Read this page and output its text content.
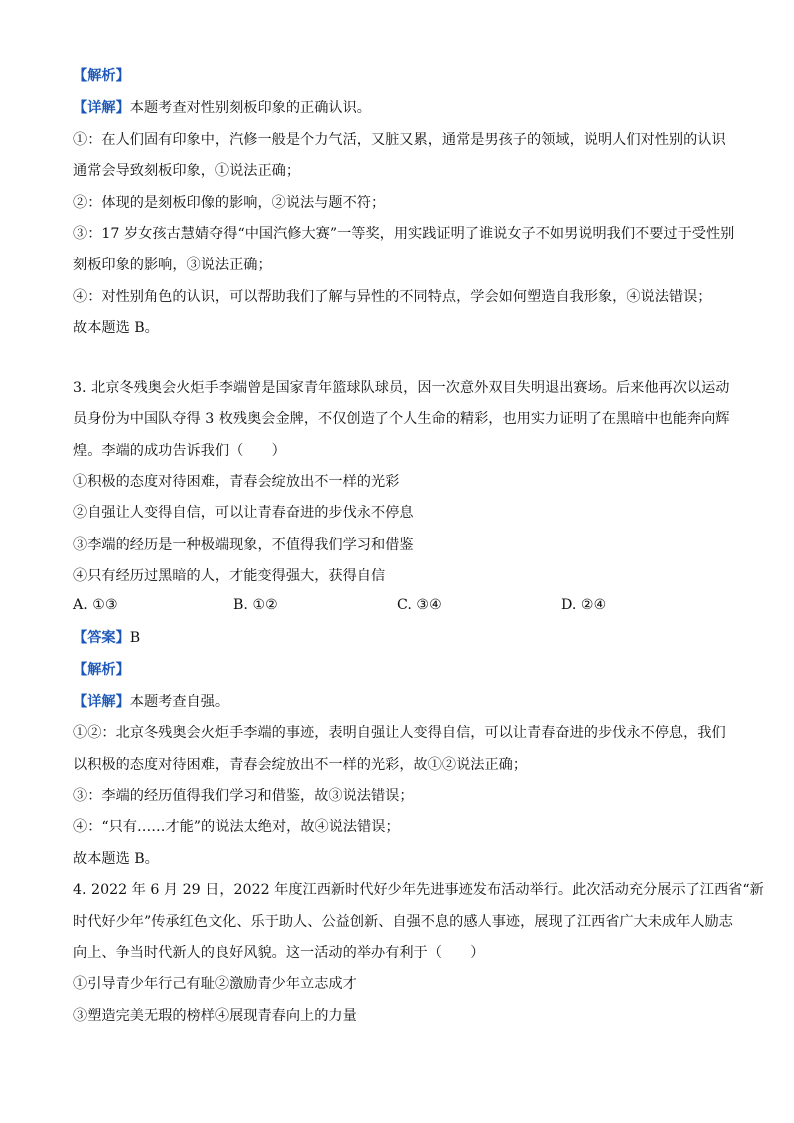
【解析】
【详解】本题考查对性别刻板印象的正确认识。
①：在人们固有印象中，汽修一般是个力气活，又脏又累，通常是男孩子的领域，说明人们对性别的认识
通常会导致刻板印象，①说法正确；
②：体现的是刻板印像的影响，②说法与题不符；
③：17 岁女孩古慧婧夺得“中国汽修大赛”一等奖，用实践证明了谁说女子不如男说明我们不要过于受性别
刻板印象的影响，③说法正确；
④：对性别角色的认识，可以帮助我们了解与异性的不同特点，学会如何塑造自我形象，④说法错误；
故本题选 B。
3. 北京冬残奥会火炬手李端曾是国家青年篮球队球员，因一次意外双目失明退出赛场。后来他再次以运动
员身份为中国队夺得 3 枚残奥会金牌，不仅创造了个人生命的精彩，也用实力证明了在黑暗中也能奔向辉
煌。李端的成功告诉我们（　　）
①积极的态度对待困难，青春会绽放出不一样的光彩
②自强让人变得自信，可以让青春奋进的步伐永不停息
③李端的经历是一种极端现象，不值得我们学习和借鉴
④只有经历过黑暗的人，才能变得强大，获得自信
A. ①③	B. ①②	C. ③④	D. ②④
【答案】B
【解析】
【详解】本题考查自强。
①②：北京冬残奥会火炬手李端的事迹，表明自强让人变得自信，可以让青春奋进的步伐永不停息，我们
以积极的态度对待困难，青春会绽放出不一样的光彩，故①②说法正确；
③：李端的经历值得我们学习和借鉴，故③说法错误；
④：“只有……才能”的说法太绝对，故④说法错误；
故本题选 B。
4. 2022 年 6 月 29 日，2022 年度江西新时代好少年先进事迹发布活动举行。此次活动充分展示了江西省“新
时代好少年”传承红色文化、乐于助人、公益创新、自强不息的感人事迹，展现了江西省广大未成年人励志
向上、争当时代新人的良好风貌。这一活动的举办有利于（　　）
①引导青少年行己有耻②激励青少年立志成才
③塑造完美无瑕的榜样④展现青春向上的力量
